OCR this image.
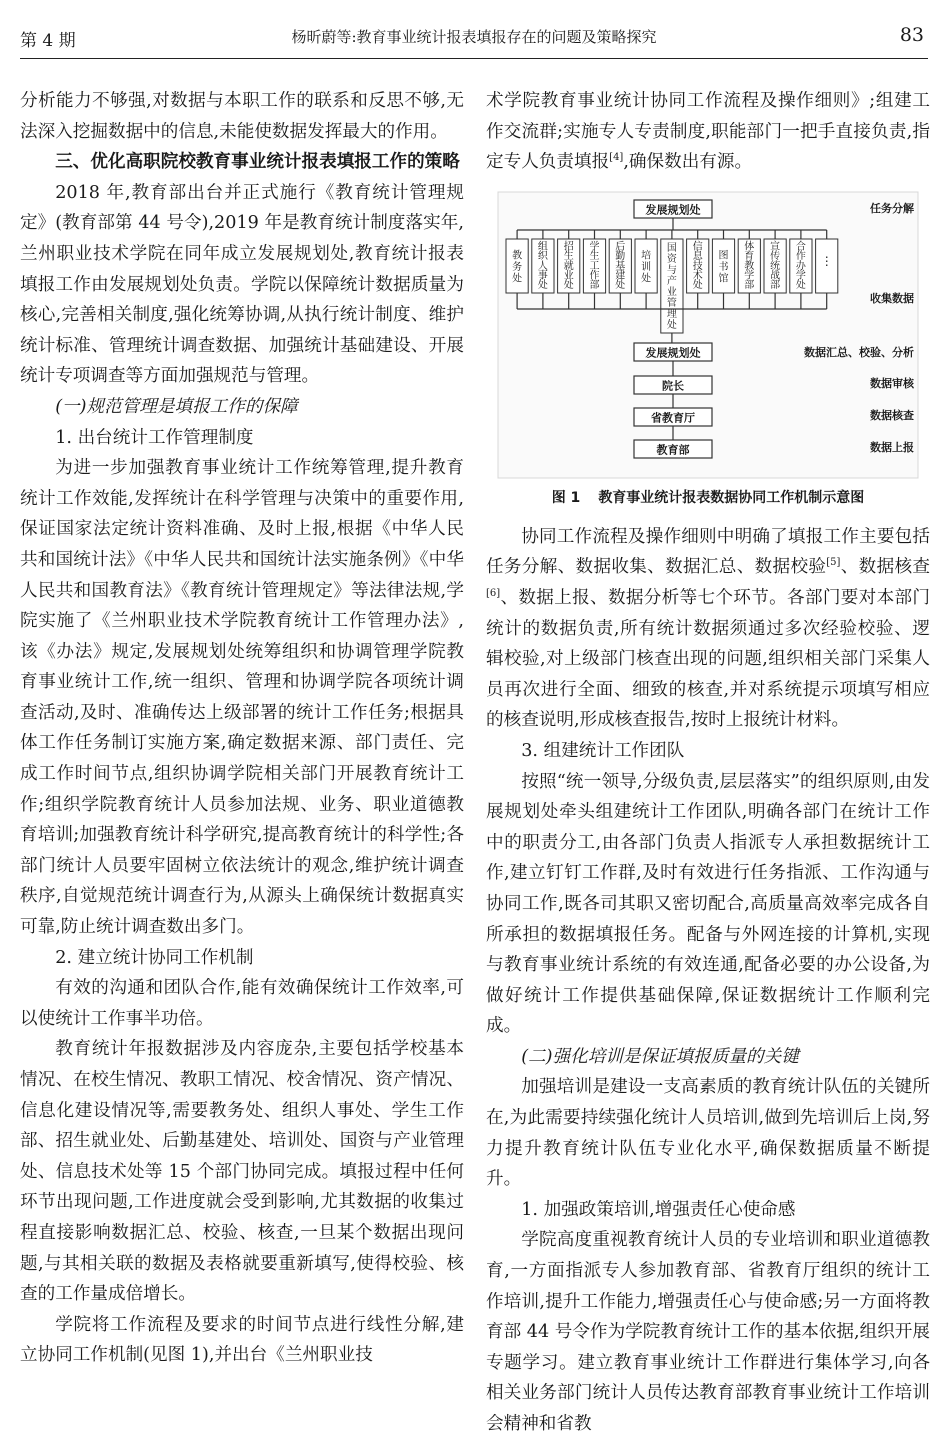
第 4 期	杨昕蔚等:教育事业统计报表填报存在的问题及策略探究	83

分析能力不够强,对数据与本职工作的联系和反思不够,无法深入挖掘数据中的信息,未能使数据发挥最大的作用。

三、优化高职院校教育事业统计报表填报工作的策略

2018 年,教育部出台并正式施行《教育统计管理规定》(教育部第 44 号令),2019 年是教育统计制度落实年,兰州职业技术学院在同年成立发展规划处,教育统计报表填报工作由发展规划处负责。学院以保障统计数据质量为核心,完善相关制度,强化统筹协调,从执行统计制度、维护统计标准、管理统计调查数据、加强统计基础建设、开展统计专项调查等方面加强规范与管理。

(一)规范管理是填报工作的保障

1. 出台统计工作管理制度

为进一步加强教育事业统计工作统筹管理,提升教育统计工作效能,发挥统计在科学管理与决策中的重要作用,保证国家法定统计资料准确、及时上报,根据《中华人民共和国统计法》《中华人民共和国统计法实施条例》《中华人民共和国教育法》《教育统计管理规定》等法律法规,学院实施了《兰州职业技术学院教育统计工作管理办法》,该《办法》规定,发展规划处统筹组织和协调管理学院教育事业统计工作,统一组织、管理和协调学院各项统计调查活动,及时、准确传达上级部署的统计工作任务;根据具体工作任务制订实施方案,确定数据来源、部门责任、完成工作时间节点,组织协调学院相关部门开展教育统计工作;组织学院教育统计人员参加法规、业务、职业道德教育培训;加强教育统计科学研究,提高教育统计的科学性;各部门统计人员要牢固树立依法统计的观念,维护统计调查秩序,自觉规范统计调查行为,从源头上确保统计数据真实可靠,防止统计调查数出多门。

2. 建立统计协同工作机制

有效的沟通和团队合作,能有效确保统计工作效率,可以使统计工作事半功倍。

教育统计年报数据涉及内容庞杂,主要包括学校基本情况、在校生情况、教职工情况、校舍情况、资产情况、信息化建设情况等,需要教务处、组织人事处、学生工作部、招生就业处、后勤基建处、培训处、国资与产业管理处、信息技术处等 15 个部门协同完成。填报过程中任何环节出现问题,工作进度就会受到影响,尤其数据的收集过程直接影响数据汇总、校验、核查,一旦某个数据出现问题,与其相关联的数据及表格就要重新填写,使得校验、核查的工作量成倍增长。

学院将工作流程及要求的时间节点进行线性分解,建立协同工作机制(见图 1),并出台《兰州职业技

术学院教育事业统计协同工作流程及操作细则》;组建工作交流群;实施专人专责制度,职能部门一把手直接负责,指定专人负责填报[4],确保数出有源。

发展规划处
教务处
组织人事处
招生就业处
学生工作部
后勤基建处
培训处
国资与产业管理处
信息技术处
图书馆
体育教学部
宣传统战部
合作办学处
⋮
发展规划处
院长
省教育厅
教育部
任务分解
收集数据
数据汇总、校验、分析
数据审核
数据核查
数据上报
图 1 教育事业统计报表数据协同工作机制示意图

协同工作流程及操作细则中明确了填报工作主要包括任务分解、数据收集、数据汇总、数据校验[5]、数据核查[6]、数据上报、数据分析等七个环节。各部门要对本部门统计的数据负责,所有统计数据须通过多次经验校验、逻辑校验,对上级部门核查出现的问题,组织相关部门采集人员再次进行全面、细致的核查,并对系统提示项填写相应的核查说明,形成核查报告,按时上报统计材料。

3. 组建统计工作团队

按照“统一领导,分级负责,层层落实”的组织原则,由发展规划处牵头组建统计工作团队,明确各部门在统计工作中的职责分工,由各部门负责人指派专人承担数据统计工作,建立钉钉工作群,及时有效进行任务指派、工作沟通与协同工作,既各司其职又密切配合,高质量高效率完成各自所承担的数据填报任务。配备与外网连接的计算机,实现与教育事业统计系统的有效连通,配备必要的办公设备,为做好统计工作提供基础保障,保证数据统计工作顺利完成。

(二)强化培训是保证填报质量的关键

加强培训是建设一支高素质的教育统计队伍的关键所在,为此需要持续强化统计人员培训,做到先培训后上岗,努力提升教育统计队伍专业化水平,确保数据质量不断提升。

1. 加强政策培训,增强责任心使命感

学院高度重视教育统计人员的专业培训和职业道德教育,一方面指派专人参加教育部、省教育厅组织的统计工作培训,提升工作能力,增强责任心与使命感;另一方面将教育部 44 号令作为学院教育统计工作的基本依据,组织开展专题学习。建立教育事业统计工作群进行集体学习,向各相关业务部门统计人员传达教育部教育事业统计工作培训会精神和省教
